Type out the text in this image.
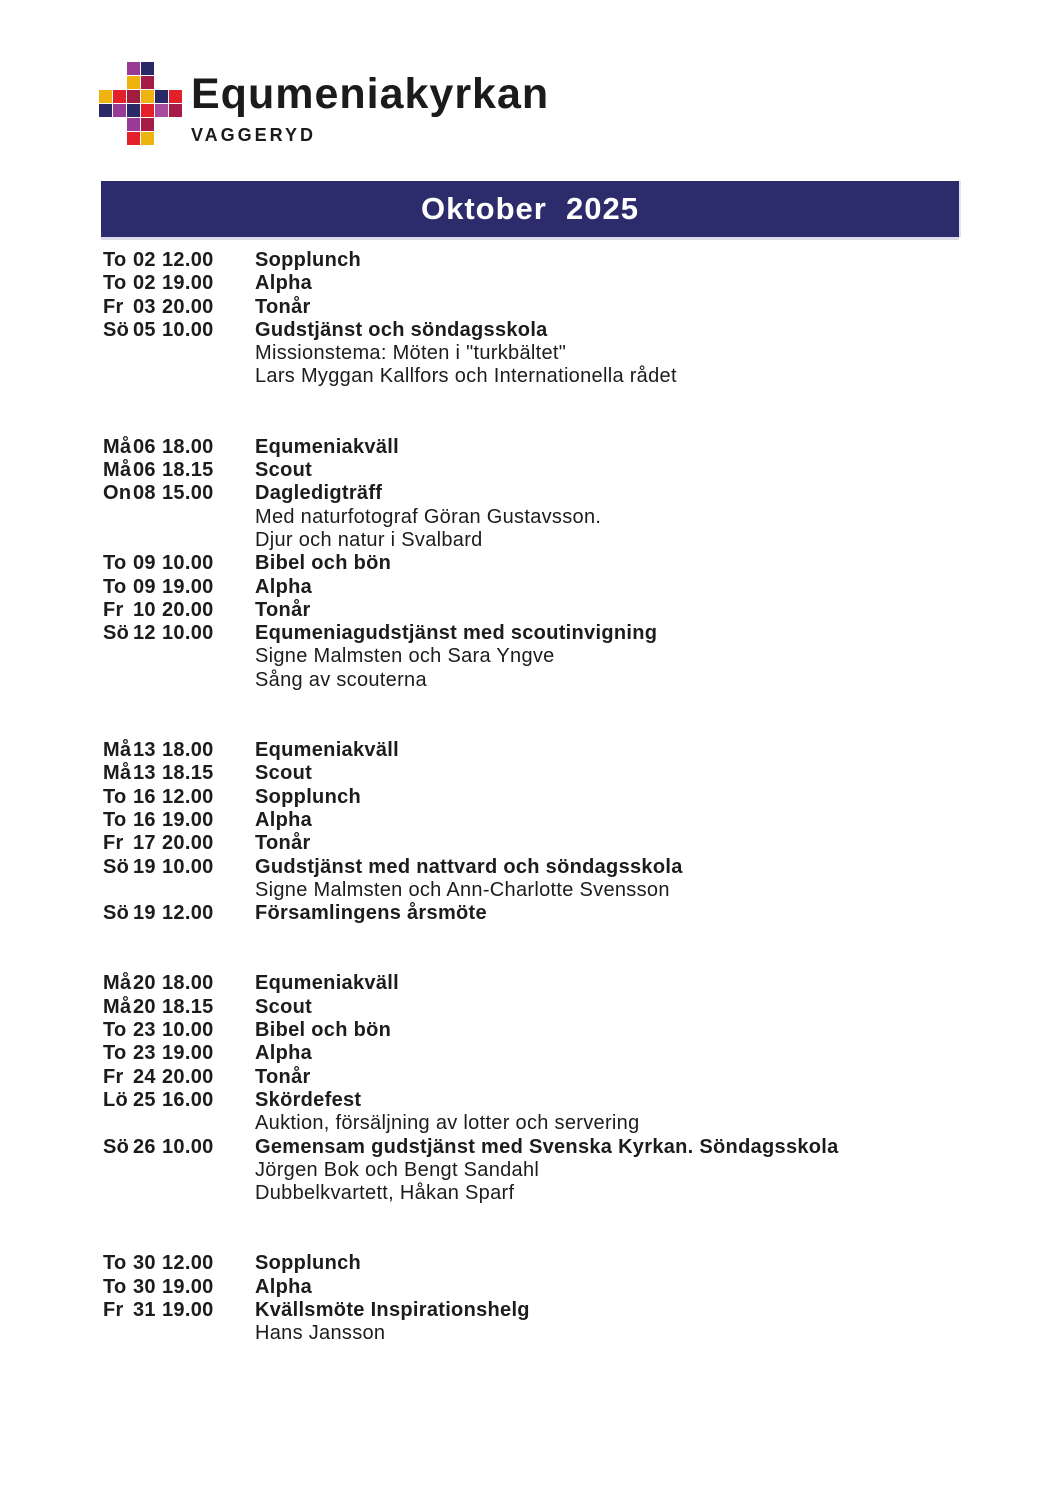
Equmeniakyrkan
VAGGERYD
Oktober  2025
To 02 12.00	Sopplunch
To 02 19.00	Alpha
Fr 03 20.00	Tonår
Sö 05 10.00	Gudstjänst och söndagsskola
Missionstema: Möten i "turkbältet"
Lars Myggan Kallfors och Internationella rådet
Må 06 18.00	Equmeniakväll
Må 06 18.15	Scout
On 08 15.00	Dagledigträff
Med naturfotograf Göran Gustavsson.
Djur och natur i Svalbard
To 09 10.00	Bibel och bön
To 09 19.00	Alpha
Fr 10 20.00	Tonår
Sö 12 10.00	Equmeniagudstjänst med scoutinvigning
Signe Malmsten och Sara Yngve
Sång av scouterna
Må 13 18.00	Equmeniakväll
Må 13 18.15	Scout
To 16 12.00	Sopplunch
To 16 19.00	Alpha
Fr 17 20.00	Tonår
Sö 19 10.00	Gudstjänst med nattvard och söndagsskola
Signe Malmsten och Ann-Charlotte Svensson
Sö 19 12.00	Församlingens årsmöte
Må 20 18.00	Equmeniakväll
Må 20 18.15	Scout
To 23 10.00	Bibel och bön
To 23 19.00	Alpha
Fr 24 20.00	Tonår
Lö 25 16.00	Skördefest
Auktion, försäljning av lotter och servering
Sö 26 10.00	Gemensam gudstjänst med Svenska Kyrkan. Söndagsskola
Jörgen Bok och Bengt Sandahl
Dubbelkvartett, Håkan Sparf
To 30 12.00	Sopplunch
To 30 19.00	Alpha
Fr 31 19.00	Kvällsmöte Inspirationshelg
Hans Jansson
